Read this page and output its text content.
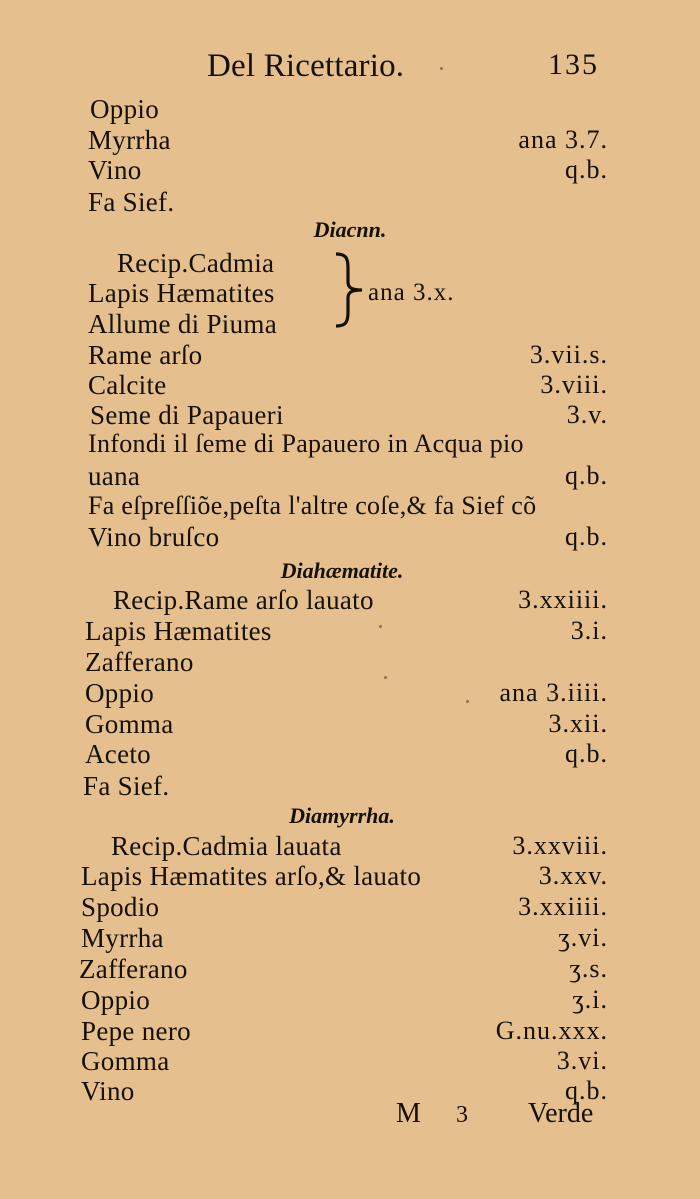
Del Ricettario.	135
Oppio
Myrrha	ana 3.7.
Vino	q.b.
Fa Sief.
Diacnn.
Recip.Cadmia
Lapis Hæmatites
Allume di Piuma
ana 3.x.
Rame arſo	3.vii.s.
Calcite	3.viii.
Seme di Papaueri	3.v.
Infondi il ſeme di Papauero in Acqua pio
uana	q.b.
Fa eſpreſſiõe,peſta l'altre coſe,& fa Sief cõ
Vino bruſco	q.b.
Diahæmatite.
Recip.Rame arſo lauato	3.xxiiii.
Lapis Hæmatites	3.i.
Zafferano
Oppio	ana 3.iiii.
Gomma	3.xii.
Aceto	q.b.
Fa Sief.
Diamyrrha.
Recip.Cadmia lauata	3.xxviii.
Lapis Hæmatites arſo,& lauato	3.xxv.
Spodio	3.xxiiii.
Myrrha	ʒ.vi.
Zafferano	ʒ.s.
Oppio	ʒ.i.
Pepe nero	G.nu.xxx.
Gomma	3.vi.
Vino	q.b.
M 3 Verde
